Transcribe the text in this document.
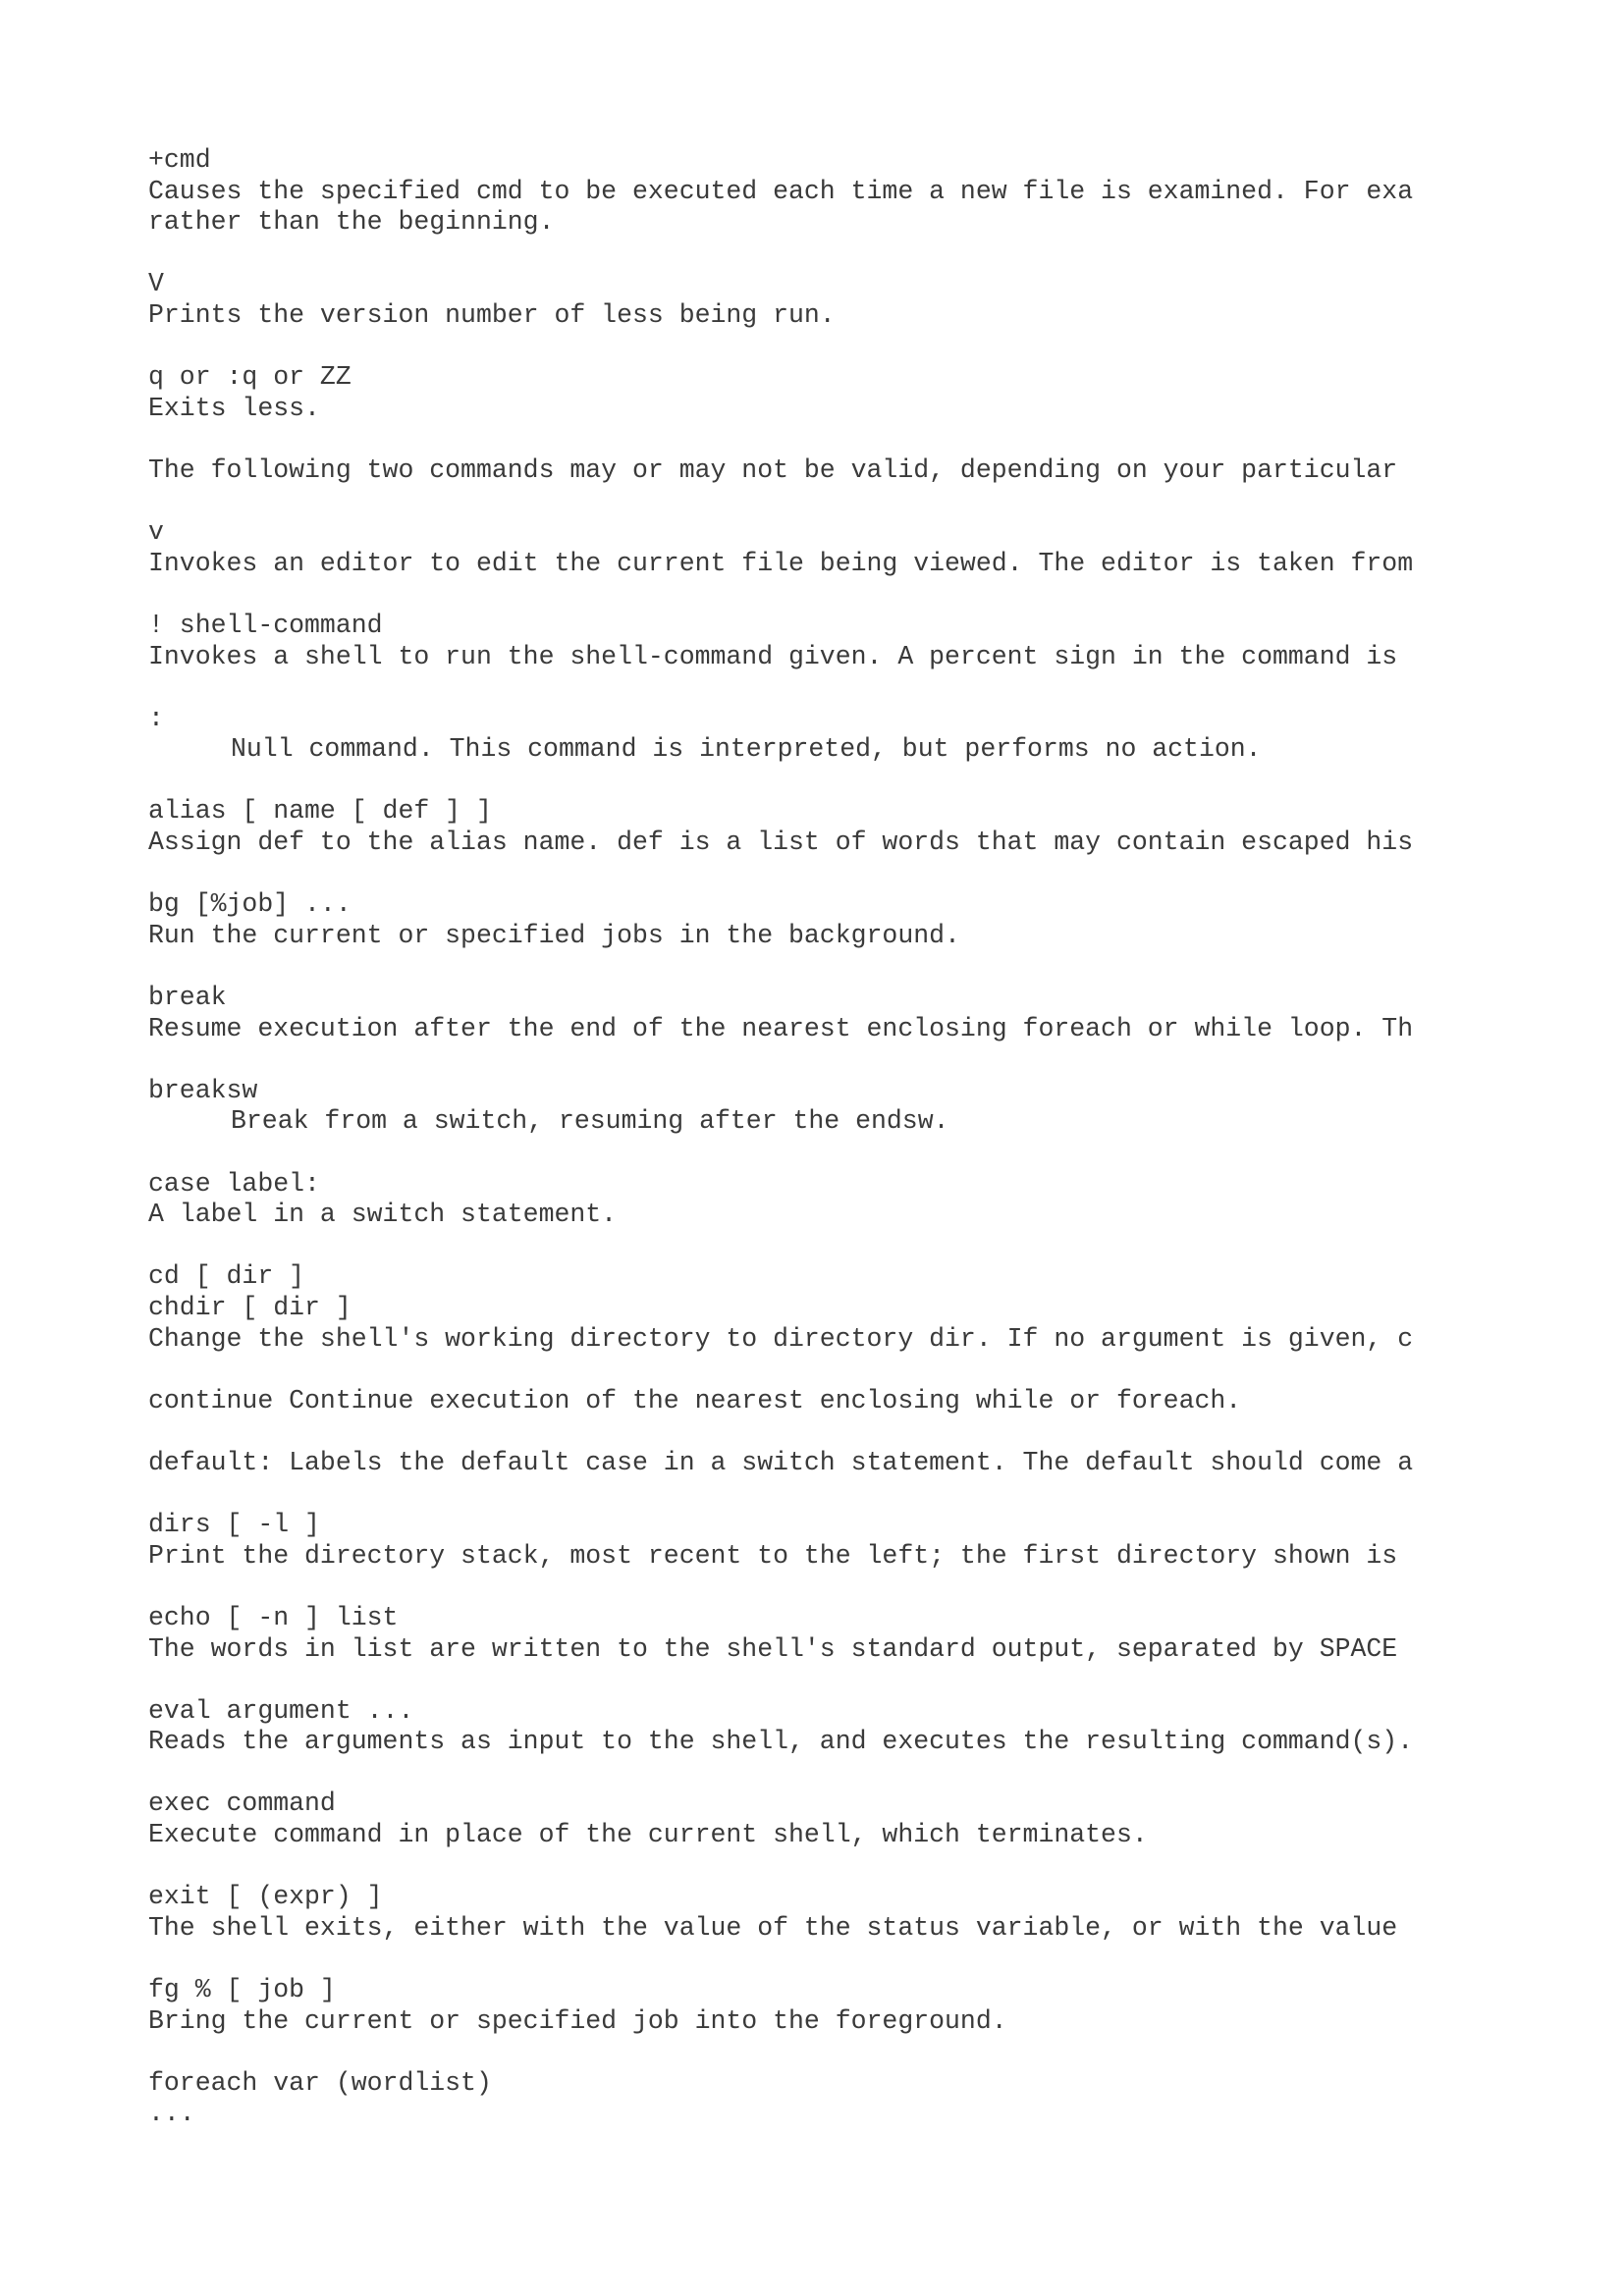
+cmd
Causes the specified cmd to be executed each time a new file is examined. For exa
rather than the beginning.
V
Prints the version number of less being run.
q or :q or ZZ
Exits less.
The following two commands may or may not be valid, depending on your particular
v
Invokes an editor to edit the current file being viewed. The editor is taken from
! shell-command
Invokes a shell to run the shell-command given. A percent sign in the command is
:
Null command. This command is interpreted, but performs no action.
alias [ name [ def ] ]
Assign def to the alias name. def is a list of words that may contain escaped his
bg [%job] ...
Run the current or specified jobs in the background.
break
Resume execution after the end of the nearest enclosing foreach or while loop. Th
breaksw
Break from a switch, resuming after the endsw.
case label:
A label in a switch statement.
cd [ dir ]
chdir [ dir ]
Change the shell's working directory to directory dir. If no argument is given, c
continue Continue execution of the nearest enclosing while or foreach.
default: Labels the default case in a switch statement. The default should come a
dirs [ -l ]
Print the directory stack, most recent to the left; the first directory shown is
echo [ -n ] list
The words in list are written to the shell's standard output, separated by SPACE
eval argument ...
Reads the arguments as input to the shell, and executes the resulting command(s).
exec command
Execute command in place of the current shell, which terminates.
exit [ (expr) ]
The shell exits, either with the value of the status variable, or with the value
fg % [ job ]
Bring the current or specified job into the foreground.
foreach var (wordlist)
...
